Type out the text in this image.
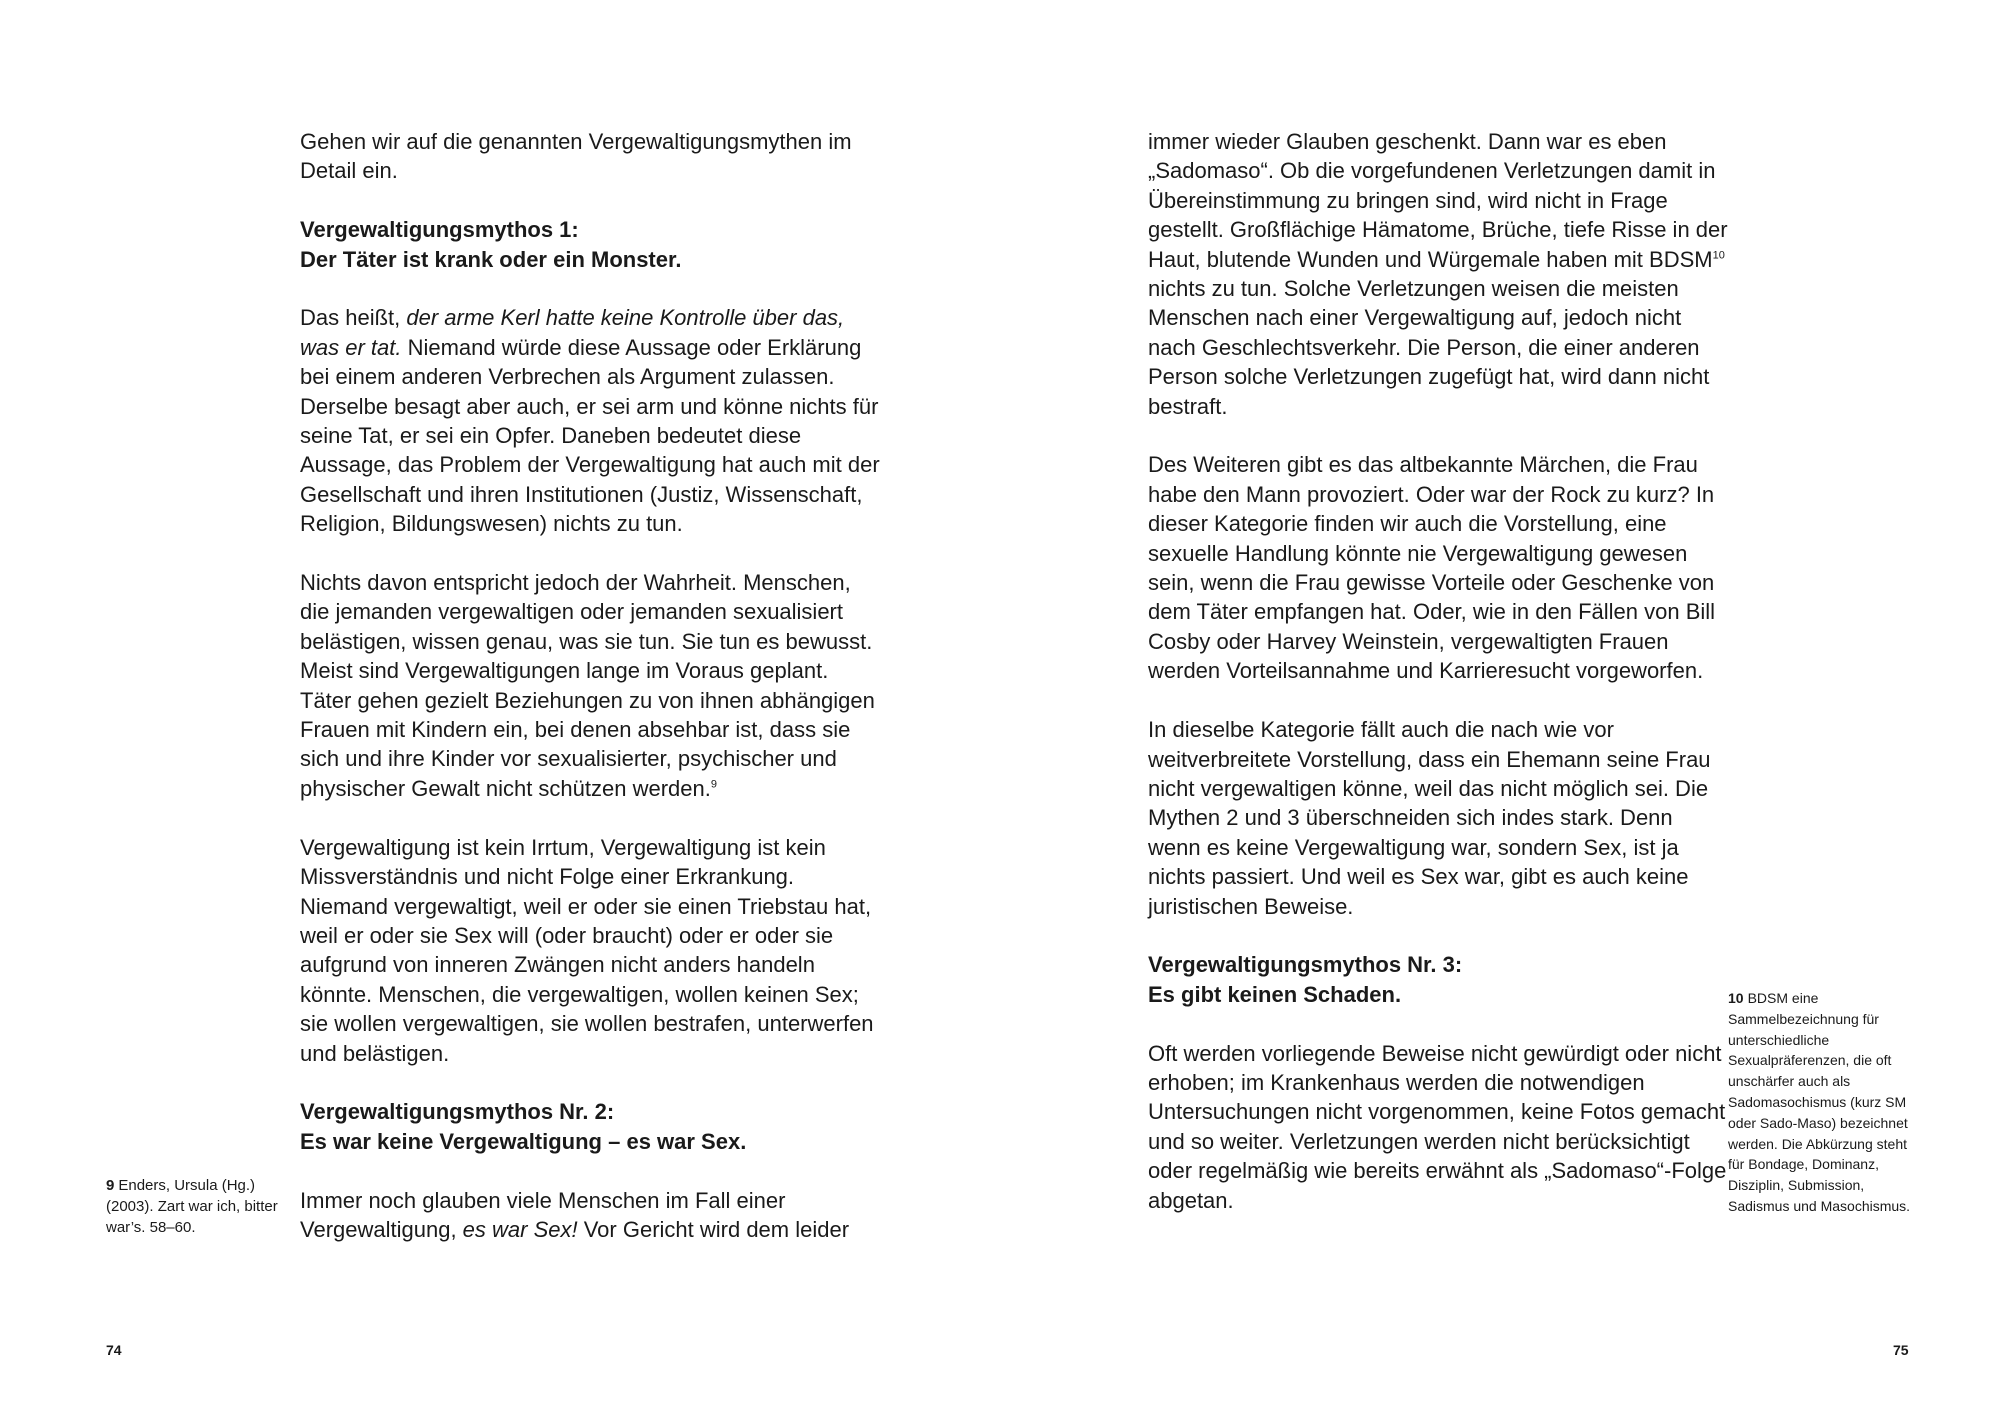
Gehen wir auf die genannten Vergewaltigungsmythen im Detail ein.

Vergewaltigungsmythos 1:
Der Täter ist krank oder ein Monster.

Das heißt, der arme Kerl hatte keine Kontrolle über das, was er tat. Niemand würde diese Aussage oder Erklärung bei einem anderen Verbrechen als Argument zulassen. Derselbe besagt aber auch, er sei arm und könne nichts für seine Tat, er sei ein Opfer. Daneben bedeutet diese Aussage, das Problem der Vergewaltigung hat auch mit der Gesellschaft und ihren Institutionen (Justiz, Wissenschaft, Religion, Bildungswesen) nichts zu tun.

Nichts davon entspricht jedoch der Wahrheit. Menschen, die jemanden vergewaltigen oder jemanden sexualisiert belästigen, wissen genau, was sie tun. Sie tun es bewusst. Meist sind Vergewaltigungen lange im Voraus geplant. Täter gehen gezielt Beziehungen zu von ihnen abhängigen Frauen mit Kindern ein, bei denen absehbar ist, dass sie sich und ihre Kinder vor sexualisierter, psychischer und physischer Gewalt nicht schützen werden.$^9$

Vergewaltigung ist kein Irrtum, Vergewaltigung ist kein Missverständnis und nicht Folge einer Erkrankung. Niemand vergewaltigt, weil er oder sie einen Triebstau hat, weil er oder sie Sex will (oder braucht) oder er oder sie aufgrund von inneren Zwängen nicht anders handeln könnte. Menschen, die vergewaltigen, wollen keinen Sex; sie wollen vergewaltigen, sie wollen bestrafen, unterwerfen und belästigen.

Vergewaltigungsmythos Nr. 2:
Es war keine Vergewaltigung – es war Sex.

Immer noch glauben viele Menschen im Fall einer Vergewaltigung, es war Sex! Vor Gericht wird dem leider

9 Enders, Ursula (Hg.) (2003). Zart war ich, bitter war’s. 58–60.
74

immer wieder Glauben geschenkt. Dann war es eben „Sadomaso“. Ob die vorgefundenen Verletzungen damit in Übereinstimmung zu bringen sind, wird nicht in Frage gestellt. Großflächige Hämatome, Brüche, tiefe Risse in der Haut, blutende Wunden und Würgemale haben mit BDSM$^{10}$ nichts zu tun. Solche Verletzungen weisen die meisten Menschen nach einer Vergewaltigung auf, jedoch nicht nach Geschlechtsverkehr. Die Person, die einer anderen Person solche Verletzungen zugefügt hat, wird dann nicht bestraft.

Des Weiteren gibt es das altbekannte Märchen, die Frau habe den Mann provoziert. Oder war der Rock zu kurz? In dieser Kategorie finden wir auch die Vorstellung, eine sexuelle Handlung könnte nie Vergewaltigung gewesen sein, wenn die Frau gewisse Vorteile oder Geschenke von dem Täter empfangen hat. Oder, wie in den Fällen von Bill Cosby oder Harvey Weinstein, vergewaltigten Frauen werden Vorteilsannahme und Karrieresucht vorgeworfen.

In dieselbe Kategorie fällt auch die nach wie vor weitverbreitete Vorstellung, dass ein Ehemann seine Frau nicht vergewaltigen könne, weil das nicht möglich sei. Die Mythen 2 und 3 überschneiden sich indes stark. Denn wenn es keine Vergewaltigung war, sondern Sex, ist ja nichts passiert. Und weil es Sex war, gibt es auch keine juristischen Beweise.

Vergewaltigungsmythos Nr. 3:
Es gibt keinen Schaden.

Oft werden vorliegende Beweise nicht gewürdigt oder nicht erhoben; im Krankenhaus werden die notwendigen Untersuchungen nicht vorgenommen, keine Fotos gemacht und so weiter. Verletzungen werden nicht berücksichtigt oder regelmäßig wie bereits erwähnt als „Sadomaso“-Folge abgetan.

10 BDSM eine Sammelbezeichnung für unterschiedliche Sexualpräferenzen, die oft unschärfer auch als Sadomasochismus (kurz SM oder Sado-Maso) bezeichnet werden. Die Abkürzung steht für Bondage, Dominanz, Disziplin, Submission, Sadismus und Masochismus.
75
